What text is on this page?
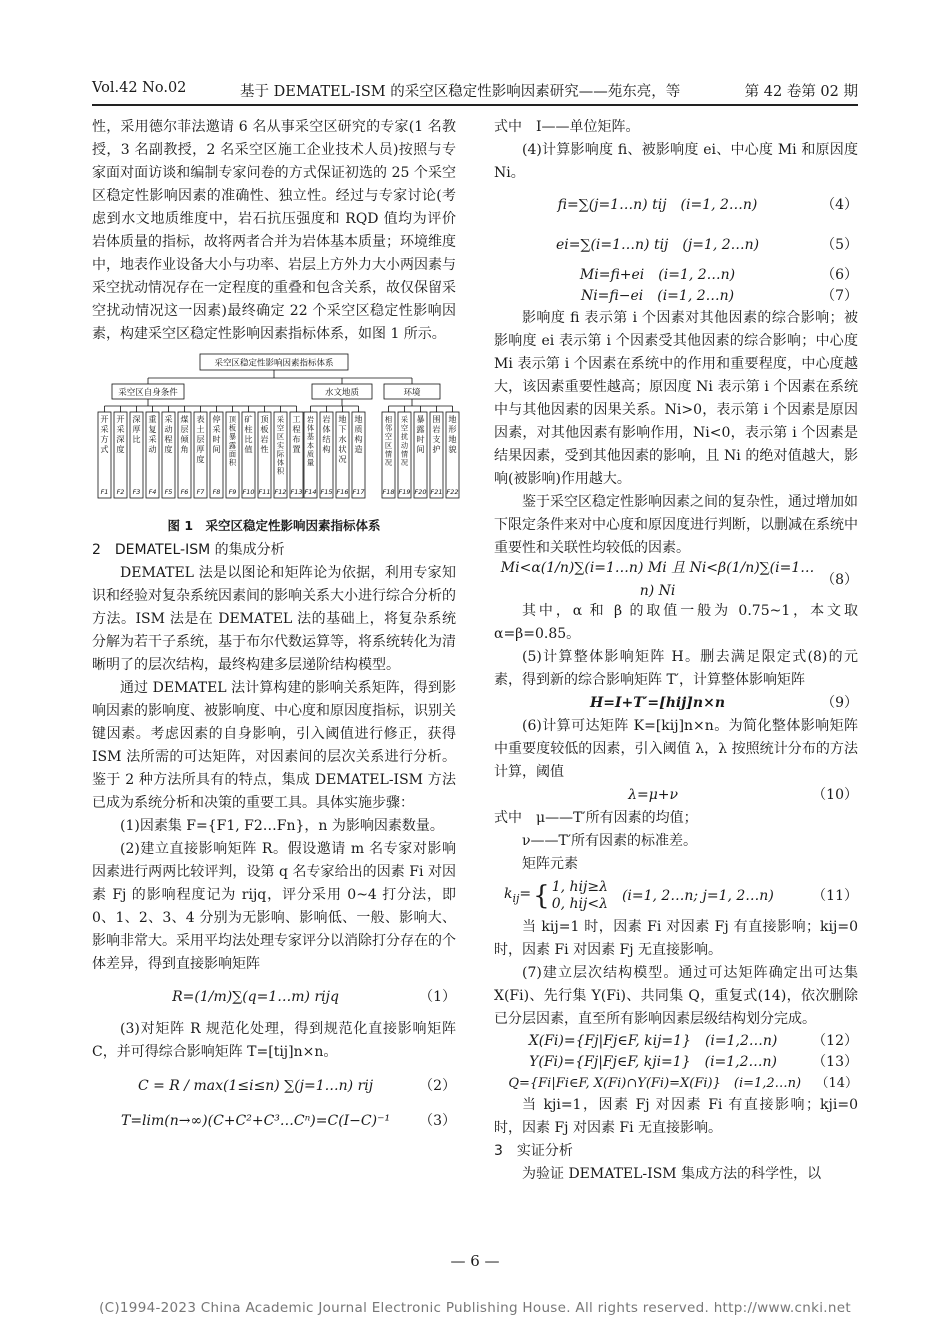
Vol.42 No.02	基于 DEMATEL-ISM 的采空区稳定性影响因素研究——苑东亮，等	第 42 卷第 02 期

性，采用德尔菲法邀请 6 名从事采空区研究的专家(1 名教授，3 名副教授，2 名采空区施工企业技术人员)按照与专家面对面访谈和编制专家问卷的方式保证初选的 25 个采空区稳定性影响因素的准确性、独立性。经过与专家讨论(考虑到水文地质维度中，岩石抗压强度和 RQD 值均为评价岩体质量的指标，故将两者合并为岩体基本质量；环境维度中，地表作业设备大小与功率、岩层上方外力大小两因素与采空扰动情况存在一定程度的重叠和包含关系，故仅保留采空扰动情况这一因素)最终确定 22 个采空区稳定性影响因素，构建采空区稳定性影响因素指标体系，如图 1 所示。

采空区稳定性影响因素指标体系
采空区自身条件	水文地质	环境
开
采
方
式
F1
开
采
深
度
F2
深
厚
比
F3
重
复
采
动
F4
采
动
程
度
F5
煤
层
倾
角
F6
表
土
层
厚
度
F7
停
采
时
间
F8
顶
板
暴
露
面
积
F9
矿
柱
比
值
F10
顶
板
岩
性
F11
采
空
区
实
际
体
积
F12
工
程
布
置
F13
岩
体
基
本
质
量
F14
岩
体
结
构
F15
地
下
水
状
况
F16
地
质
构
造
F17
相
邻
空
区
情
况
F18
采
空
扰
动
情
况
F19
暴
露
时
间
F20
围
岩
支
护
F21
地
形
地
貌
F22
图 1　采空区稳定性影响因素指标体系
2　DEMATEL-ISM 的集成分析

DEMATEL 法是以图论和矩阵论为依据，利用专家知识和经验对复杂系统因素间的影响关系大小进行综合分析的方法。ISM 法是在 DEMATEL 法的基础上，将复杂系统分解为若干子系统，基于布尔代数运算等，将系统转化为清晰明了的层次结构，最终构建多层递阶结构模型。

通过 DEMATEL 法计算构建的影响关系矩阵，得到影响因素的影响度、被影响度、中心度和原因度指标，识别关键因素。考虑因素的自身影响，引入阈值进行修正，获得 ISM 法所需的可达矩阵，对因素间的层次关系进行分析。鉴于 2 种方法所具有的特点，集成 DEMATEL-ISM 方法已成为系统分析和决策的重要工具。具体实施步骤：

(1)因素集 F={F1, F2…Fn}，n 为影响因素数量。

(2)建立直接影响矩阵 R。假设邀请 m 名专家对影响因素进行两两比较评判，设第 q 名专家给出的因素 Fi 对因素 Fj 的影响程度记为 rijq，评分采用 0~4 打分法，即 0、1、2、3、4 分别为无影响、影响低、一般、影响大、影响非常大。采用平均法处理专家评分以消除打分存在的个体差异，得到直接影响矩阵

R=(1/m)∑(q=1…m) rijq	（1）

(3)对矩阵 R 规范化处理，得到规范化直接影响矩阵 C，并可得综合影响矩阵 T=[tij]n×n。

C = R / max(1≤i≤n) ∑(j=1…n) rij	（2）
T=lim(n→∞)(C+C²+C³…Cⁿ)=C(I−C)⁻¹	（3）

式中　I——单位矩阵。

(4)计算影响度 fi、被影响度 ei、中心度 Mi 和原因度 Ni。

fi=∑(j=1…n) tij　(i=1, 2…n)	（4）
ei=∑(i=1…n) tij　(j=1, 2…n)	（5）
Mi=fi+ei　(i=1, 2…n)	（6）
Ni=fi−ei　(i=1, 2…n)	（7）

影响度 fi 表示第 i 个因素对其他因素的综合影响；被影响度 ei 表示第 i 个因素受其他因素的综合影响；中心度 Mi 表示第 i 个因素在系统中的作用和重要程度，中心度越大，该因素重要性越高；原因度 Ni 表示第 i 个因素在系统中与其他因素的因果关系。Ni>0，表示第 i 个因素是原因因素，对其他因素有影响作用，Ni<0，表示第 i 个因素是结果因素，受到其他因素的影响，且 Ni 的绝对值越大，影响(被影响)作用越大。

鉴于采空区稳定性影响因素之间的复杂性，通过增加如下限定条件来对中心度和原因度进行判断，以删减在系统中重要性和关联性均较低的因素。

Mi<α(1/n)∑(i=1…n) Mi 且 Ni<β(1/n)∑(i=1…n) Ni
（8）

其中，α 和 β 的取值一般为 0.75~1，本文取 α=β=0.85。

(5)计算整体影响矩阵 H。删去满足限定式(8)的元素，得到新的综合影响矩阵 T′，计算整体影响矩阵

H=I+T′=[hij]n×n	（9）

(6)计算可达矩阵 K=[kij]n×n。为简化整体影响矩阵中重要度较低的因素，引入阈值 λ，λ 按照统计分布的方法计算，阈值

λ=μ+ν	（10）

式中　μ——T′所有因素的均值；

ν——T′所有因素的标准差。

矩阵元素

$k_{ij}=$ { 1, hij≥λ
0, hij<λ
(i=1, 2…n; j=1, 2…n)	（11）

当 kij=1 时，因素 Fi 对因素 Fj 有直接影响；kij=0 时，因素 Fi 对因素 Fj 无直接影响。

(7)建立层次结构模型。通过可达矩阵确定出可达集 X(Fi)、先行集 Y(Fi)、共同集 Q，重复式(14)，依次删除已分层因素，直至所有影响因素层级结构划分完成。

X(Fi)={Fj|Fj∈F, kij=1}　(i=1,2…n)	（12）
Y(Fi)={Fj|Fj∈F, kji=1}　(i=1,2…n)	（13）
Q={Fi|Fi∈F, X(Fi)∩Y(Fi)=X(Fi)}　(i=1,2…n)	（14）

当 kji=1，因素 Fj 对因素 Fi 有直接影响；kji=0 时，因素 Fj 对因素 Fi 无直接影响。

3　实证分析

为验证 DEMATEL-ISM 集成方法的科学性，以

— 6 —
(C)1994-2023 China Academic Journal Electronic Publishing House. All rights reserved. http://www.cnki.net
